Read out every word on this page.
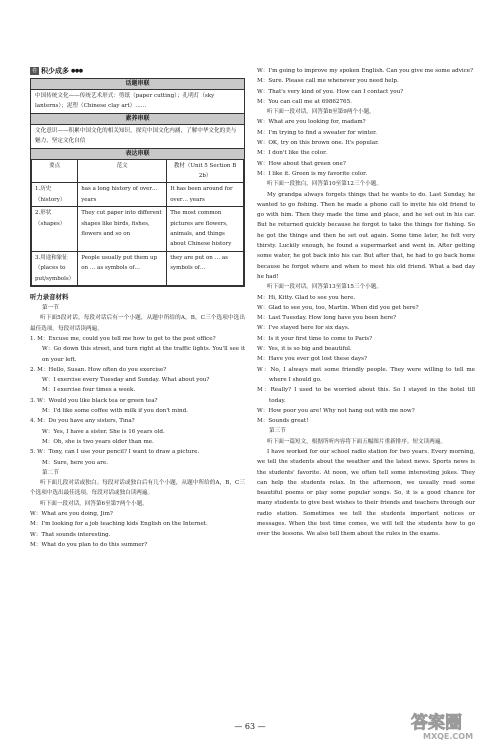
卷 积少成多 ●●●
话题串联
中国传统文化——传统艺术形式：剪纸（paper cutting）；孔明灯（sky lanterns）；泥塑（Chinese clay art）……
素养串联
文化意识——积累中国文化的相关知识，探究中国文化内涵，了解中华文化的美与魅力，坚定文化自信
表达串联
要点	范文	教材（Unit 5 Section B 2b）
1.历史（history）	has a long history of over… years	It has been around for over… years
2.形状（shapes）	They cut paper into different shapes like birds, fishes, flowers and so on	The most common pictures are flowers, animals, and things about Chinese history
3.用途和象征（places to put/symbols）	People usually put them up on … as symbols of…	they are put on … as symbols of…
听力录音材料

第一节

听下面5段对话。每段对话后有一个小题，从题中所给的A，B，C三个选项中选出最佳选项。每段对话读两遍。

1. M：Excuse me, could you tell me how to get to the post office?

W：Go down this street, and turn right at the traffic lights. You'll see it on your left.

2. M：Hello, Susan. How often do you exercise?

W：I exercise every Tuesday and Sunday. What about you?

M：I exercise four times a week.

3. W：Would you like black tea or green tea?

M：I'd like some coffee with milk if you don't mind.

4. M：Do you have any sisters, Tina?

W：Yes, I have a sister. She is 16 years old.

M：Oh, she is two years older than me.

5. W：Tony, can I use your pencil? I want to draw a picture.

M：Sure, here you are.

第二节

听下面几段对话或独白。每段对话或独白后有几个小题，从题中所给的A，B，C三个选项中选出最佳选项。每段对话或独白读两遍。

听下面一段对话，回答第6至第7两个小题。

W：What are you doing, Jim?

M：I'm looking for a job teaching kids English on the Internet.

W：That sounds interesting.

M：What do you plan to do this summer?

W：I'm going to improve my spoken English. Can you give me some advice?

M：Sure. Please call me whenever you need help.

W：That's very kind of you. How can I contact you?

M：You can call me at 69862765.

听下面一段对话，回答第8至第9两个小题。

W：What are you looking for, madam?

M：I'm trying to find a sweater for winter.

W：OK, try on this brown one. It's popular.

M：I don't like the color.

W：How about that green one?

M：I like it. Green is my favorite color.

听下面一段独白，回答第10至第12三个小题。

My grandpa always forgets things that he wants to do. Last Sunday, he wanted to go fishing. Then he made a phone call to invite his old friend to go with him. Then they made the time and place, and he set out in his car. But he returned quickly because he forgot to take the things for fishing. So he got the things and then he set out again. Some time later, he felt very thirsty. Luckily enough, he found a supermarket and went in. After getting some water, he got back into his car. But after that, he had to go back home because he forgot where and when to meet his old friend. What a bad day he had!

听下面一段对话，回答第13至第15三个小题。

M：Hi, Kitty. Glad to see you here.

W：Glad to see you, too, Martin. When did you get here?

M：Last Tuesday. How long have you been here?

W：I've stayed here for six days.

M：Is it your first time to come to Paris?

W：Yes, it is so big and beautiful.

M：Have you ever got lost these days?

W：No, I always met some friendly people. They were willing to tell me where I should go.

M：Really? I used to be worried about this. So I stayed in the hotel till today.

W：How poor you are! Why not hang out with me now?

M：Sounds great!

第三节

听下面一篇短文，根据所听内容将下面五幅图片重新排序。短文读两遍。

I have worked for our school radio station for two years. Every morning, we tell the students about the weather and the latest news. Sports news is the students' favorite. At noon, we often tell some interesting jokes. They can help the students relax. In the afternoon, we usually read some beautiful poems or play some popular songs. So, it is a good chance for many students to give best wishes to their friends and teachers through our radio station. Sometimes we tell the students important notices or messages. When the test time comes, we will tell the students how to go over the lessons. We also tell them about the rules in the exams.

— 63 —	答案圈
MXQE.COM
